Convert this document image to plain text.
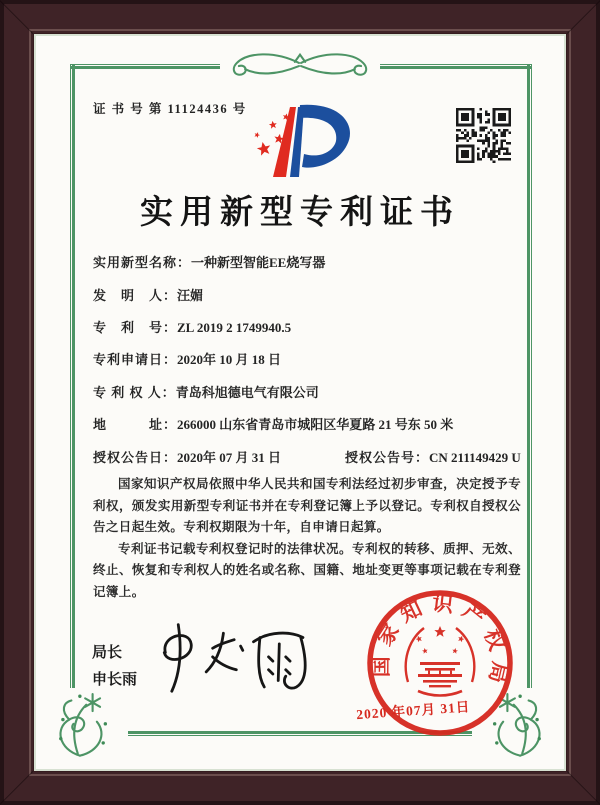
证 书 号 第 11124436 号
实用新型专利证书
实用新型名称：一种新型智能EE烧写器
发　明　人：汪媚
专　利　号：ZL 2019 2 1749940.5
专利申请日：2020年 10 月 18 日
专 利 权 人：青岛科旭德电气有限公司
地　　　址：266000 山东省青岛市城阳区华夏路 21 号东 50 米
授权公告日：2020年 07 月 31 日	授权公告号：CN 211149429 U

国家知识产权局依照中华人民共和国专利法经过初步审查，决定授予专利权，颁发实用新型专利证书并在专利登记簿上予以登记。专利权自授权公告之日起生效。专利权期限为十年，自申请日起算。

专利证书记载专利权登记时的法律状况。专利权的转移、质押、无效、终止、恢复和专利权人的姓名或名称、国籍、地址变更等事项记载在专利登记簿上。

局长
申长雨
国家知识产权局
2020 年07月 31日
